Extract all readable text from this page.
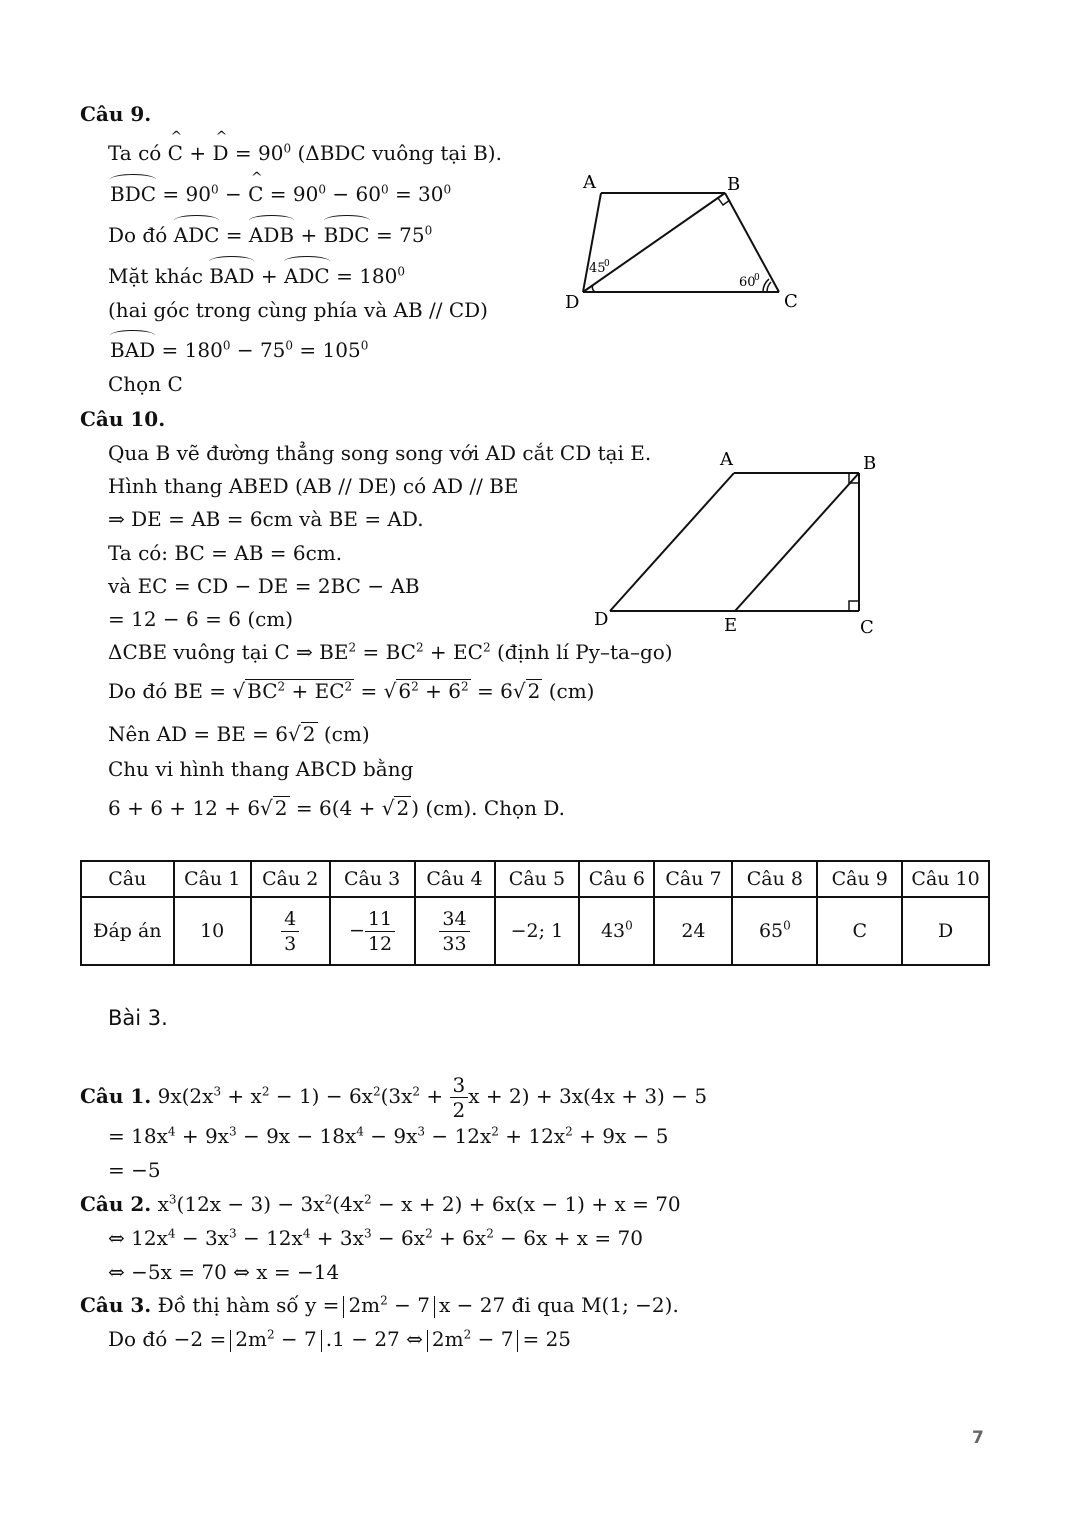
Câu 9.
Ta có ^ C + ^ $D = 90^0$ (ΔBDC vuông tại B).
BDC = $90^0$ − ^ $C = 90^0 - 60^0 = 30^0$
Do đó ADC = ADB + BDC = $75^0$
Mặt khác BAD + ADC = $180^0$
(hai góc trong cùng phía và AB // CD)
BAD = $180^0 - 75^0 = 105^0$
Chọn C
A	B
C
D
45
0
60
0
Câu 10.
Qua B vẽ đường thẳng song song với AD cắt CD tại E.
Hình thang ABED (AB // DE) có AD // BE
⇒ DE = AB = 6cm và BE = AD.
Ta có: BC = AB = 6cm.
và EC = CD − DE = 2BC − AB
= 12 − 6 = 6 (cm)
ΔCBE vuông tại C ⇒ $BE^2 = BC^2 + EC^2$ (định lí Py–ta–go)
Do đó BE = √ $BC^2 + EC^2$ = √ $6^2 + 6^2 = 6√$ 2 (cm)
Nên AD = BE = 6√ 2 (cm)
Chu vi hình thang ABCD bằng
6 + 6 + 12 + 6√ 2 = 6(4 + √ 2 ) (cm). Chọn D.
A	B
C
D	E
Câu	Câu 1	Câu 2	Câu 3	Câu 4	Câu 5	Câu 6	Câu 7	Câu 8	Câu 9	Câu 10
Đáp án	10	$\frac{4}{3}$	− $\frac{11}{12}$	$\frac{34}{33}$	−2; 1	$43^0$	24	$65^0$	C	D
Bài 3.
Câu 1. $9x(2x^3 + x^2 - 1) - 6x^2(3x^2 + \frac{3}{2}$ x + 2) + 3x(4x + 3) − 5
= $18x^4 + 9x^3 - 9x - 18x^4 - 9x^3 - 12x^2 + 12x^2 + 9x - 5$
= −5
Câu 2. $x^3(12x - 3) - 3x^2(4x^2 - x + 2) + 6x(x - 1) + x = 70$
⇔ $12x^4 - 3x^3 - 12x^4 + 3x^3 - 6x^2 + 6x^2 - 6x + x = 70$
⇔ −5x = 70 ⇔ x = −14
Câu 3. Đồ thị hàm số $y = 2m^2 - 7$ x − 27 đi qua M(1; −2).
Do đó $-2 = 2m^2 - 7$ .1 − 27 ⇔ $2m^2 - 7 = 25$
7
